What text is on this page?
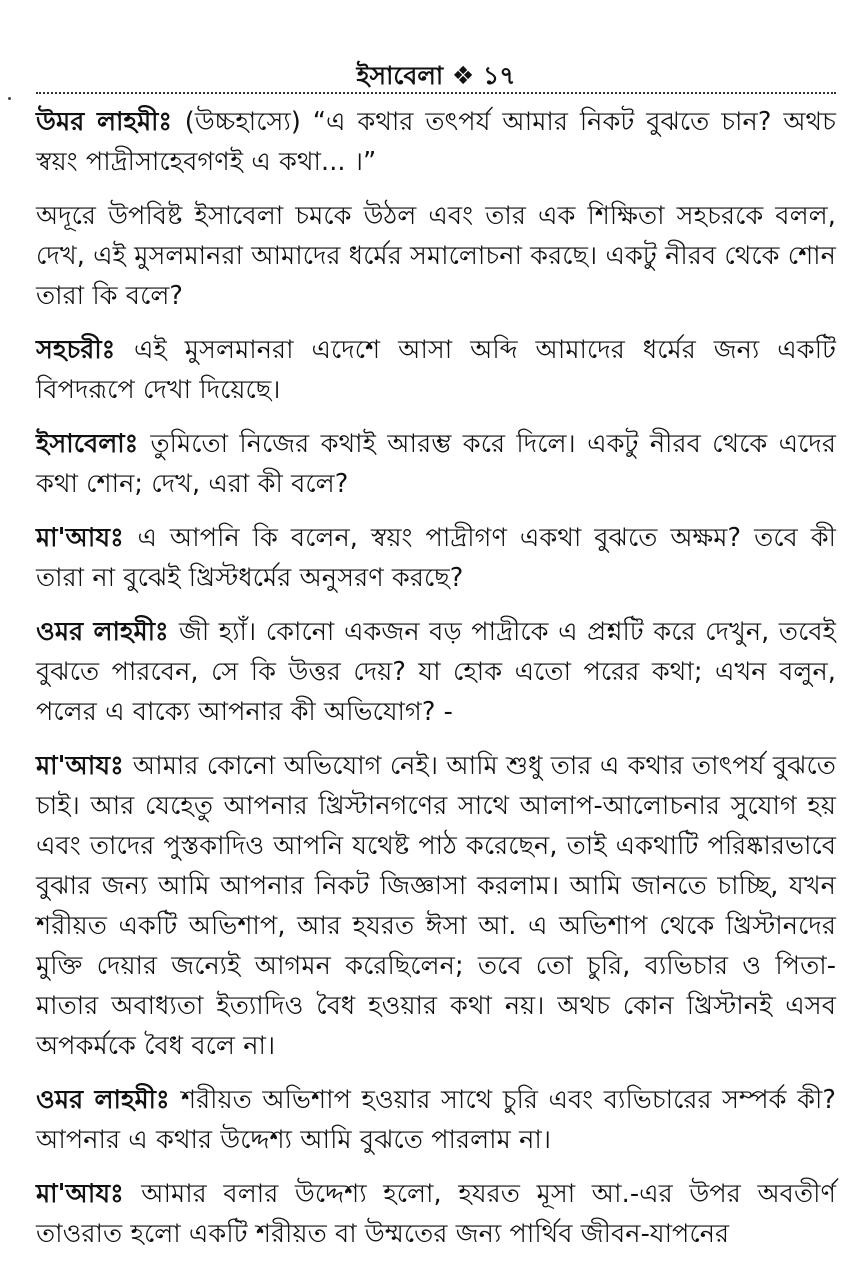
ইসাবেলা ❖ ১৭

উমর লাহমীঃ (উচ্চহাস্যে) “এ কথার তৎপর্য আমার নিকট বুঝতে চান? অথচ স্বয়ং পাদ্রীসাহেবগণই এ কথা... ।”

অদূরে উপবিষ্ট ইসাবেলা চমকে উঠল এবং তার এক শিক্ষিতা সহচরকে বলল, দেখ, এই মুসলমানরা আমাদের ধর্মের সমালোচনা করছে। একটু নীরব থেকে শোন তারা কি বলে?

সহচরীঃ এই মুসলমানরা এদেশে আসা অব্দি আমাদের ধর্মের জন্য একটি বিপদরূপে দেখা দিয়েছে।

ইসাবেলাঃ তুমিতো নিজের কথাই আরম্ভ করে দিলে। একটু নীরব থেকে এদের কথা শোন; দেখ, এরা কী বলে?

মা'আযঃ এ আপনি কি বলেন, স্বয়ং পাদ্রীগণ একথা বুঝতে অক্ষম? তবে কী তারা না বুঝেই খ্রিস্টধর্মের অনুসরণ করছে?

ওমর লাহমীঃ জী হ্যাঁ। কোনো একজন বড় পাদ্রীকে এ প্রশ্নটি করে দেখুন, তবেই বুঝতে পারবেন, সে কি উত্তর দেয়? যা হোক এতো পরের কথা; এখন বলুন, পলের এ বাক্যে আপনার কী অভিযোগ? -

মা'আযঃ আমার কোনো অভিযোগ নেই। আমি শুধু তার এ কথার তাৎপর্য বুঝতে চাই। আর যেহেতু আপনার খ্রিস্টানগণের সাথে আলাপ-আলোচনার সুযোগ হয় এবং তাদের পুস্তকাদিও আপনি যথেষ্ট পাঠ করেছেন, তাই একথাটি পরিষ্কারভাবে বুঝার জন্য আমি আপনার নিকট জিজ্ঞাসা করলাম। আমি জানতে চাচ্ছি, যখন শরীয়ত একটি অভিশাপ, আর হযরত ঈসা আ. এ অভিশাপ থেকে খ্রিস্টানদের মুক্তি দেয়ার জন্যেই আগমন করেছিলেন; তবে তো চুরি, ব্যভিচার ও পিতা-মাতার অবাধ্যতা ইত্যাদিও বৈধ হওয়ার কথা নয়। অথচ কোন খ্রিস্টানই এসব অপকর্মকে বৈধ বলে না।

ওমর লাহমীঃ শরীয়ত অভিশাপ হওয়ার সাথে চুরি এবং ব্যভিচারের সম্পর্ক কী? আপনার এ কথার উদ্দেশ্য আমি বুঝতে পারলাম না।

মা'আযঃ আমার বলার উদ্দেশ্য হলো, হযরত মূসা আ.-এর উপর অবতীর্ণ তাওরাত হলো একটি শরীয়ত বা উম্মতের জন্য পার্থিব জীবন-যাপনের
